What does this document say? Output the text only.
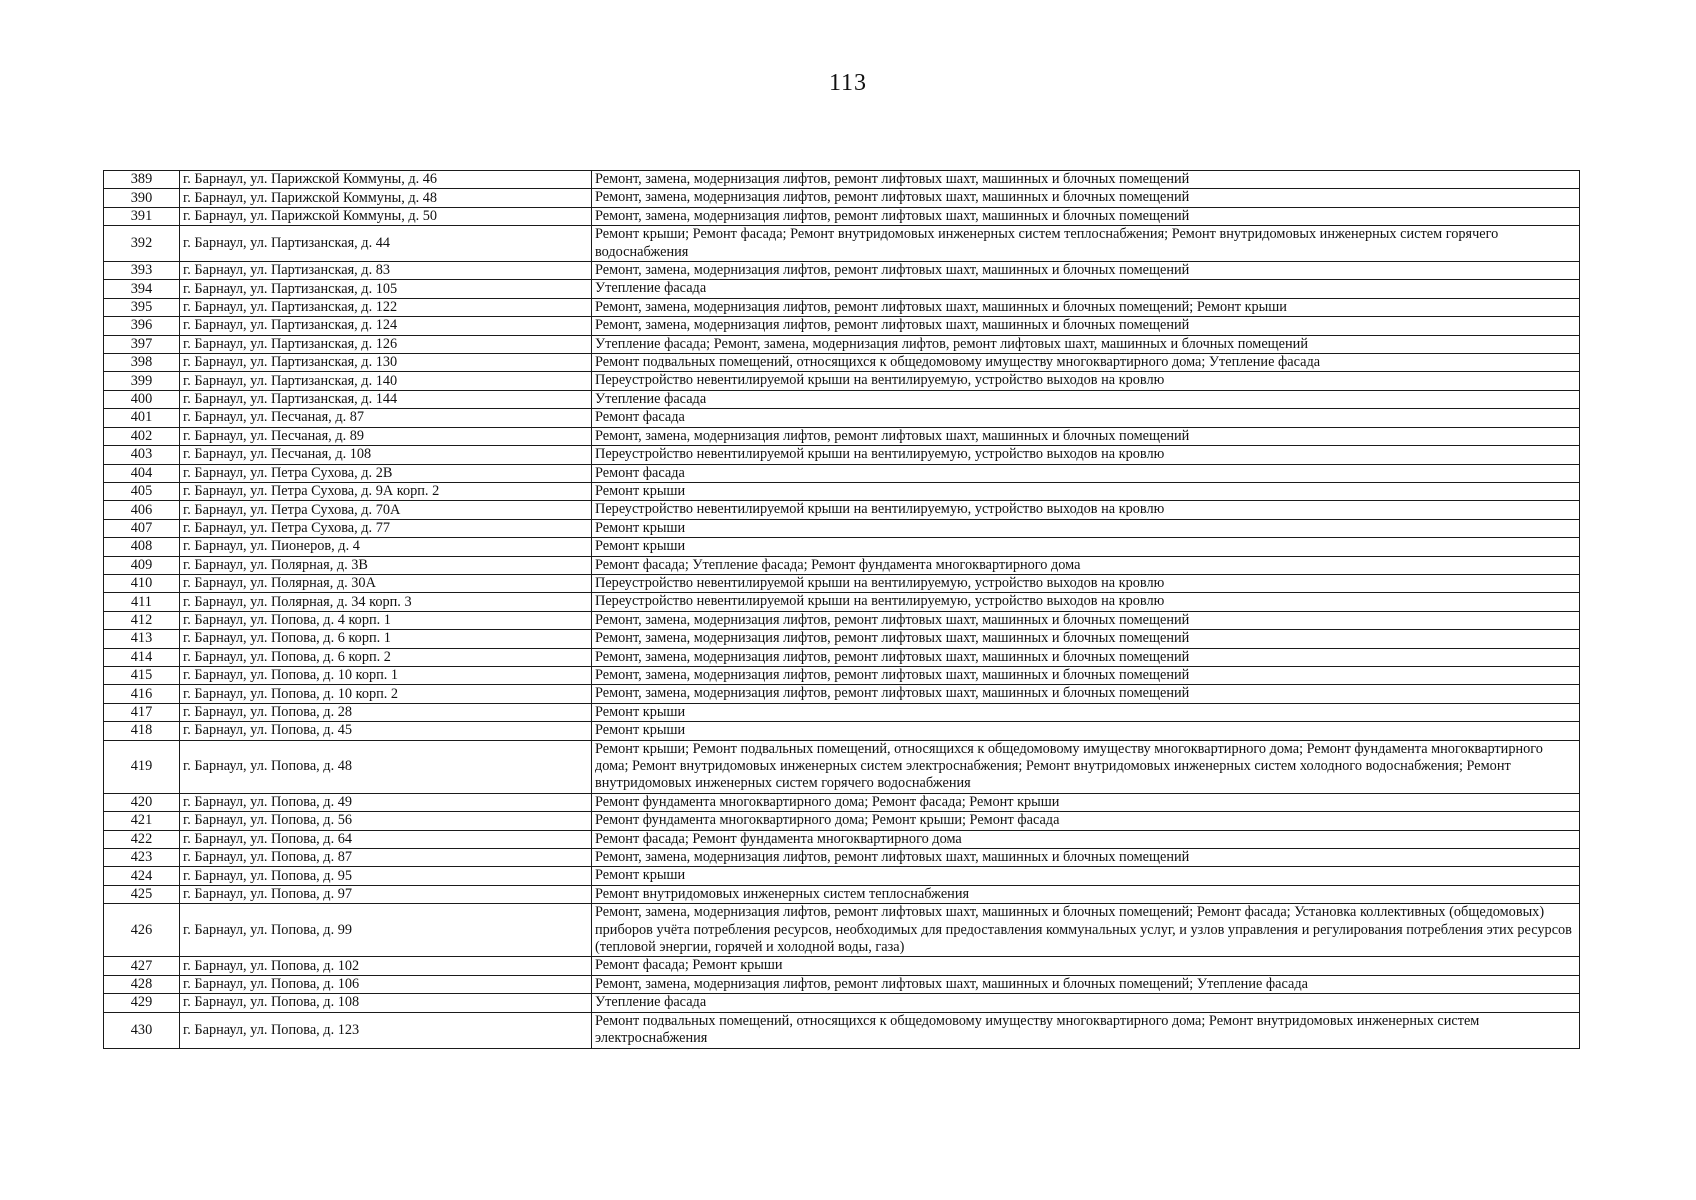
113
389	г. Барнаул, ул. Парижской Коммуны, д. 46	Ремонт, замена, модернизация лифтов, ремонт лифтовых шахт, машинных и блочных помещений
390	г. Барнаул, ул. Парижской Коммуны, д. 48	Ремонт, замена, модернизация лифтов, ремонт лифтовых шахт, машинных и блочных помещений
391	г. Барнаул, ул. Парижской Коммуны, д. 50	Ремонт, замена, модернизация лифтов, ремонт лифтовых шахт, машинных и блочных помещений
392	г. Барнаул, ул. Партизанская, д. 44	Ремонт крыши; Ремонт фасада; Ремонт внутридомовых инженерных систем теплоснабжения; Ремонт внутридомовых инженерных систем горячего водоснабжения
393	г. Барнаул, ул. Партизанская, д. 83	Ремонт, замена, модернизация лифтов, ремонт лифтовых шахт, машинных и блочных помещений
394	г. Барнаул, ул. Партизанская, д. 105	Утепление фасада
395	г. Барнаул, ул. Партизанская, д. 122	Ремонт, замена, модернизация лифтов, ремонт лифтовых шахт, машинных и блочных помещений; Ремонт крыши
396	г. Барнаул, ул. Партизанская, д. 124	Ремонт, замена, модернизация лифтов, ремонт лифтовых шахт, машинных и блочных помещений
397	г. Барнаул, ул. Партизанская, д. 126	Утепление фасада; Ремонт, замена, модернизация лифтов, ремонт лифтовых шахт, машинных и блочных помещений
398	г. Барнаул, ул. Партизанская, д. 130	Ремонт подвальных помещений, относящихся к общедомовому имуществу многоквартирного дома; Утепление фасада
399	г. Барнаул, ул. Партизанская, д. 140	Переустройство невентилируемой крыши на вентилируемую, устройство выходов на кровлю
400	г. Барнаул, ул. Партизанская, д. 144	Утепление фасада
401	г. Барнаул, ул. Песчаная, д. 87	Ремонт фасада
402	г. Барнаул, ул. Песчаная, д. 89	Ремонт, замена, модернизация лифтов, ремонт лифтовых шахт, машинных и блочных помещений
403	г. Барнаул, ул. Песчаная, д. 108	Переустройство невентилируемой крыши на вентилируемую, устройство выходов на кровлю
404	г. Барнаул, ул. Петра Сухова, д. 2В	Ремонт фасада
405	г. Барнаул, ул. Петра Сухова, д. 9А корп. 2	Ремонт крыши
406	г. Барнаул, ул. Петра Сухова, д. 70А	Переустройство невентилируемой крыши на вентилируемую, устройство выходов на кровлю
407	г. Барнаул, ул. Петра Сухова, д. 77	Ремонт крыши
408	г. Барнаул, ул. Пионеров, д. 4	Ремонт крыши
409	г. Барнаул, ул. Полярная, д. 3В	Ремонт фасада; Утепление фасада; Ремонт фундамента многоквартирного дома
410	г. Барнаул, ул. Полярная, д. 30А	Переустройство невентилируемой крыши на вентилируемую, устройство выходов на кровлю
411	г. Барнаул, ул. Полярная, д. 34 корп. 3	Переустройство невентилируемой крыши на вентилируемую, устройство выходов на кровлю
412	г. Барнаул, ул. Попова, д. 4 корп. 1	Ремонт, замена, модернизация лифтов, ремонт лифтовых шахт, машинных и блочных помещений
413	г. Барнаул, ул. Попова, д. 6 корп. 1	Ремонт, замена, модернизация лифтов, ремонт лифтовых шахт, машинных и блочных помещений
414	г. Барнаул, ул. Попова, д. 6 корп. 2	Ремонт, замена, модернизация лифтов, ремонт лифтовых шахт, машинных и блочных помещений
415	г. Барнаул, ул. Попова, д. 10 корп. 1	Ремонт, замена, модернизация лифтов, ремонт лифтовых шахт, машинных и блочных помещений
416	г. Барнаул, ул. Попова, д. 10 корп. 2	Ремонт, замена, модернизация лифтов, ремонт лифтовых шахт, машинных и блочных помещений
417	г. Барнаул, ул. Попова, д. 28	Ремонт крыши
418	г. Барнаул, ул. Попова, д. 45	Ремонт крыши
419	г. Барнаул, ул. Попова, д. 48	Ремонт крыши; Ремонт подвальных помещений, относящихся к общедомовому имуществу многоквартирного дома; Ремонт фундамента многоквартирного дома; Ремонт внутридомовых инженерных систем электроснабжения; Ремонт внутридомовых инженерных систем холодного водоснабжения; Ремонт внутридомовых инженерных систем горячего водоснабжения
420	г. Барнаул, ул. Попова, д. 49	Ремонт фундамента многоквартирного дома; Ремонт фасада; Ремонт крыши
421	г. Барнаул, ул. Попова, д. 56	Ремонт фундамента многоквартирного дома; Ремонт крыши; Ремонт фасада
422	г. Барнаул, ул. Попова, д. 64	Ремонт фасада; Ремонт фундамента многоквартирного дома
423	г. Барнаул, ул. Попова, д. 87	Ремонт, замена, модернизация лифтов, ремонт лифтовых шахт, машинных и блочных помещений
424	г. Барнаул, ул. Попова, д. 95	Ремонт крыши
425	г. Барнаул, ул. Попова, д. 97	Ремонт внутридомовых инженерных систем теплоснабжения
426	г. Барнаул, ул. Попова, д. 99	Ремонт, замена, модернизация лифтов, ремонт лифтовых шахт, машинных и блочных помещений; Ремонт фасада; Установка коллективных (общедомовых) приборов учёта потребления ресурсов, необходимых для предоставления коммунальных услуг, и узлов управления и регулирования потребления этих ресурсов (тепловой энергии, горячей и холодной воды, газа)
427	г. Барнаул, ул. Попова, д. 102	Ремонт фасада; Ремонт крыши
428	г. Барнаул, ул. Попова, д. 106	Ремонт, замена, модернизация лифтов, ремонт лифтовых шахт, машинных и блочных помещений; Утепление фасада
429	г. Барнаул, ул. Попова, д. 108	Утепление фасада
430	г. Барнаул, ул. Попова, д. 123	Ремонт подвальных помещений, относящихся к общедомовому имуществу многоквартирного дома; Ремонт внутридомовых инженерных систем электроснабжения
